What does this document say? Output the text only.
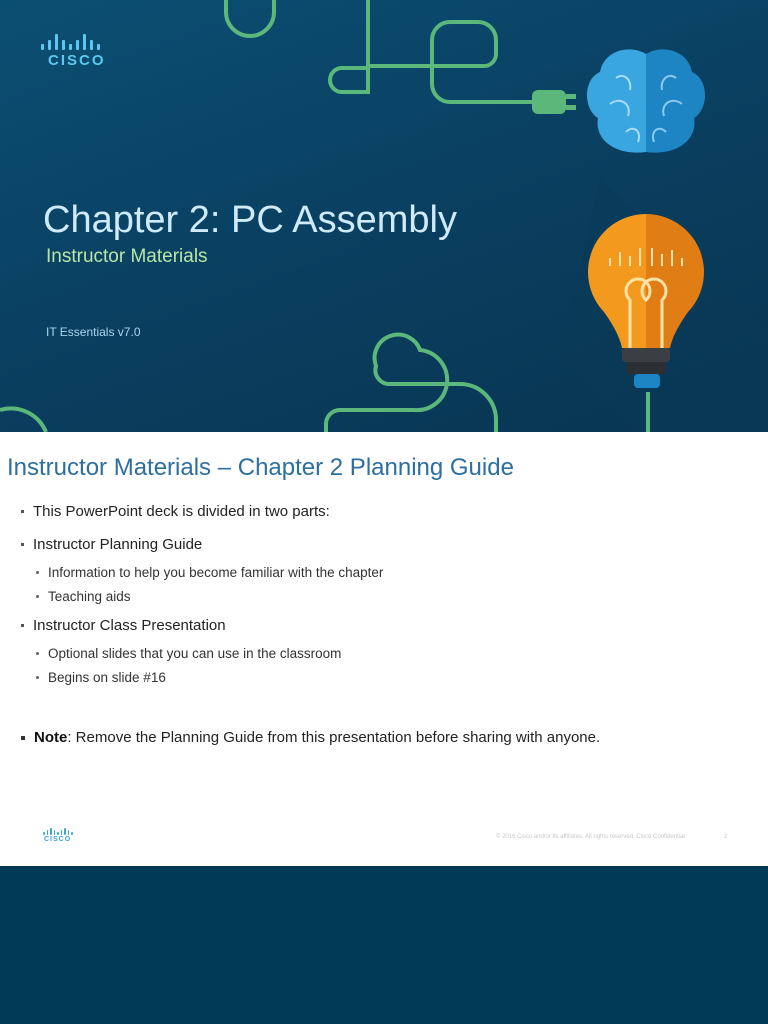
CISCO
Chapter 2: PC Assembly

Instructor Materials

IT Essentials v7.0

Instructor Materials – Chapter 2 Planning Guide
This PowerPoint deck is divided in two parts:
Instructor Planning Guide
Information to help you become familiar with the chapter
Teaching aids
Instructor Class Presentation
Optional slides that you can use in the classroom
Begins on slide #16
Note : Remove the Planning Guide from this presentation before sharing with anyone.
CISCO	© 2016 Cisco and/or its affiliates. All rights reserved. Cisco Confidential	2
